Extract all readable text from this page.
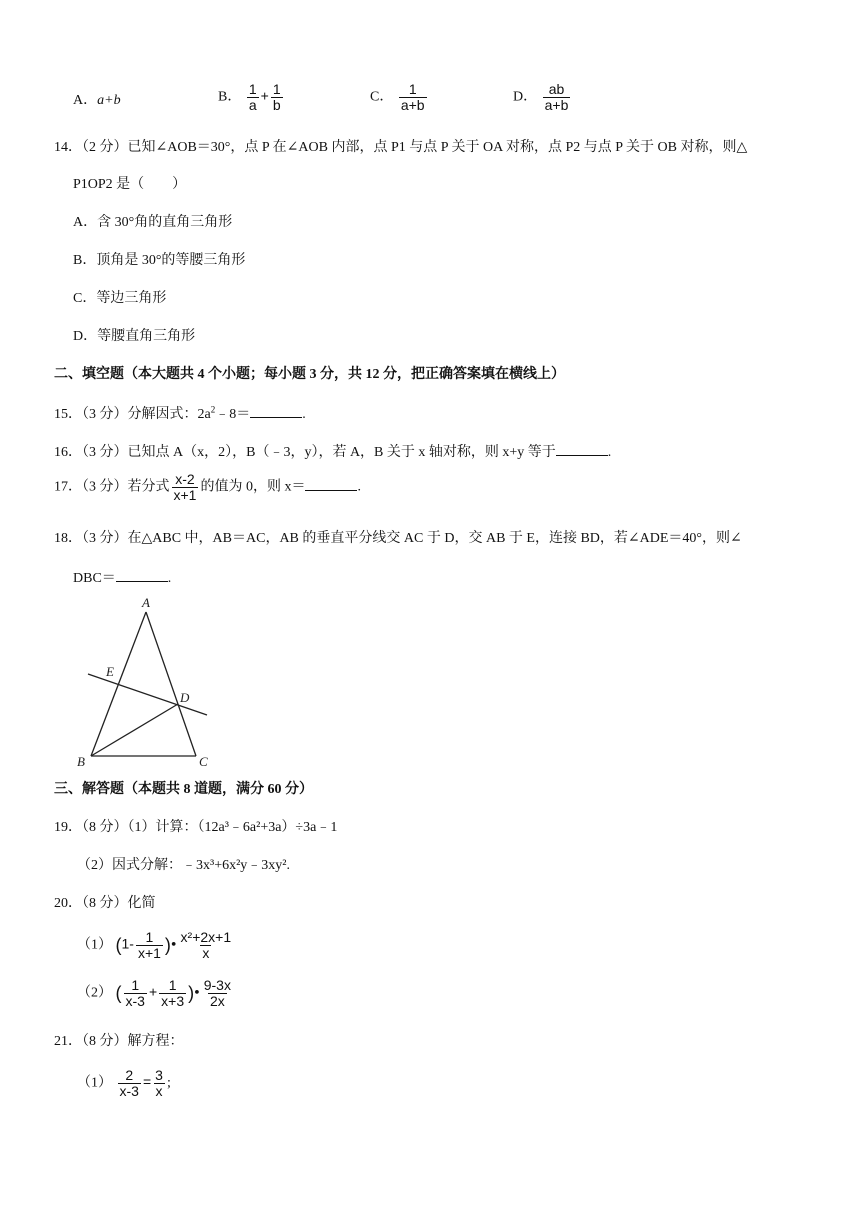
A．a+b	B． $\frac{1}{a} + \frac{1}{b}$	C． $\frac{1}{a+b}$	D． $\frac{ab}{a+b}$
14．（2 分）已知∠AOB＝30°，点 P 在∠AOB 内部，点 P1 与点 P 关于 OA 对称，点 P2 与点 P 关于 OB 对称，则△
P1OP2 是（　　）
A．含 30°角的直角三角形
B．顶角是 30°的等腰三角形
C．等边三角形
D．等腰直角三角形
二、填空题（本大题共 4 个小题；每小题 3 分，共 12 分，把正确答案填在横线上）
15．（3 分）分解因式：$2a^2﹣8=$	.
16．（3 分）已知点 A（x，2），B（﹣3，y），若 A，B 关于 x 轴对称，则 x+y 等于	.
17．（3 分）若分式 $\frac{x-2}{x+1}$ 的值为 0，则 x＝	.
18．（3 分）在△ABC 中，AB＝AC，AB 的垂直平分线交 AC 于 D，交 AB 于 E，连接 BD，若∠ADE＝40°，则∠
DBC＝	.
A
B	C
D
E
三、解答题（本题共 8 道题，满分 60 分）
19．（8 分）（1）计算：（12a³﹣6a²+3a）÷3a﹣1
（2）因式分解：﹣3x³+6x²y﹣3xy².
20．（8 分）化简
（1） ($1- \frac{1}{x+1}$ )• $\frac{\text{x²+2x+1}}{x}$
（2） ( $\frac{1}{x-3} + \frac{1}{x+3}$ )• $\frac{9-3x}{2x}$
21．（8 分）解方程：
$(1) \frac{2}{x-3} = \frac{3}{x}$ ;
